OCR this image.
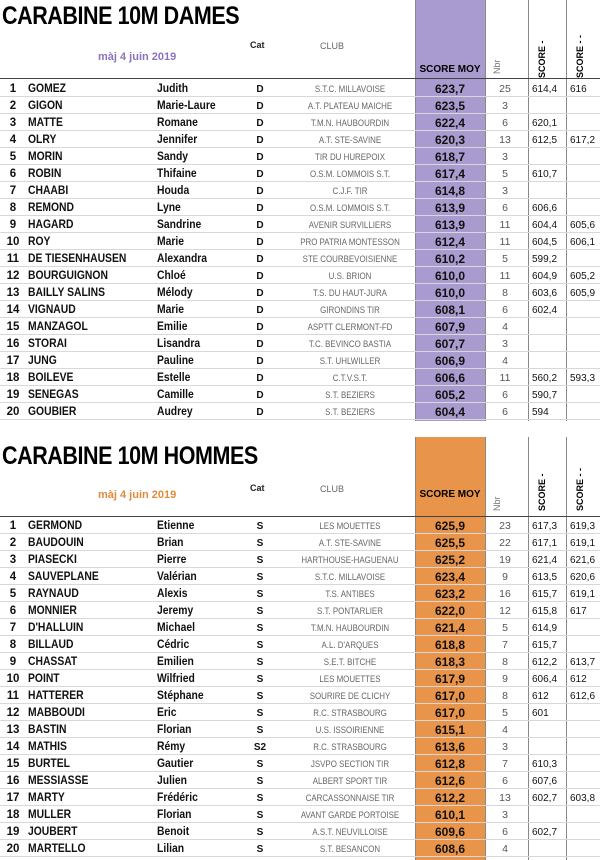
CARABINE 10M DAMES
màj 4 juin 2019
Cat	CLUB
SCORE MOY	Nbr	SCORE -	SCORE - -
1	GOMEZ	Judith	D	S.T.C. MILLAVOISE	623,7	25	614,4 616
2	GIGON	Marie-Laure	D	A.T. PLATEAU MAICHE	623,5	3
3	MATTE	Romane	D	T.M.N. HAUBOURDIN	622,4	6	620,1
4	OLRY	Jennifer	D	A.T. STE-SAVINE	620,3	13	612,5 617,2
5	MORIN	Sandy	D	TIR DU HUREPOIX	618,7	3
6	ROBIN	Thifaine	D	O.S.M. LOMMOIS S.T.	617,4	5	610,7
7	CHAABI	Houda	D	C.J.F. TIR	614,8	3
8	REMOND	Lyne	D	O.S.M. LOMMOIS S.T.	613,9	6	606,6
9	HAGARD	Sandrine	D	AVENIR SURVILLIERS	613,9	11	604,4 605,6
10 ROY	Marie	D	PRO PATRIA MONTESSON	612,4	11	604,5 606,1
11 DE TIESENHAUSEN	Alexandra	D	STE COURBEVOISIENNE	610,2	5	599,2
12 BOURGUIGNON	Chloé	D	U.S. BRION	610,0	11	604,9 605,2
13 BAILLY SALINS	Mélody	D	T.S. DU HAUT-JURA	610,0	8	603,6 605,9
14 VIGNAUD	Marie	D	GIRONDINS TIR	608,1	6	602,4
15 MANZAGOL	Emilie	D	ASPTT CLERMONT-FD	607,9	4
16 STORAI	Lisandra	D	T.C. BEVINCO BASTIA	607,7	3
17 JUNG	Pauline	D	S.T. UHLWILLER	606,9	4
18 BOILEVE	Estelle	D	C.T.V.S.T.	606,6	11	560,2 593,3
19 SENEGAS	Camille	D	S.T. BEZIERS	605,2	6	590,7
20 GOUBIER	Audrey	D	S.T. BEZIERS	604,4	6	594
CARABINE 10M HOMMES
màj 4 juin 2019
Cat	CLUB	SCORE MOY
Nbr	SCORE -	SCORE - -
1	GERMOND	Etienne	S	LES MOUETTES	625,9	23	617,3 619,3
2	BAUDOUIN	Brian	S	A.T. STE-SAVINE	625,5	22	617,1 619,1
3	PIASECKI	Pierre	S	HARTHOUSE-HAGUENAU	625,2	19	621,4 621,6
4	SAUVEPLANE	Valérian	S	S.T.C. MILLAVOISE	623,4	9	613,5 620,6
5	RAYNAUD	Alexis	S	T.S. ANTIBES	623,2	16	615,7 619,1
6	MONNIER	Jeremy	S	S.T. PONTARLIER	622,0	12	615,8 617
7	D'HALLUIN	Michael	S	T.M.N. HAUBOURDIN	621,4	5	614,9
8	BILLAUD	Cédric	S	A.L. D'ARQUES	618,8	7	615,7
9	CHASSAT	Emilien	S	S.E.T. BITCHE	618,3	8	612,2 613,7
10 POINT	Wilfried	S	LES MOUETTES	617,9	9	606,4 612
11 HATTERER	Stéphane	S	SOURIRE DE CLICHY	617,0	8	612 612,6
12 MABBOUDI	Eric	S	R.C. STRASBOURG	617,0	5	601
13 BASTIN	Florian	S	U.S. ISSOIRIENNE	615,1	4
14 MATHIS	Rémy	S2	R.C. STRASBOURG	613,6	3
15 BURTEL	Gautier	S	JSVPO SECTION TIR	612,8	7	610,3
16 MESSIASSE	Julien	S	ALBERT SPORT TIR	612,6	6	607,6
17 MARTY	Frédéric	S	CARCASSONNAISE TIR	612,2	13	602,7 603,8
18 MULLER	Florian	S	AVANT GARDE PORTOISE	610,1	3
19 JOUBERT	Benoit	S	A.S.T. NEUVILLOISE	609,6	6	602,7
20 MARTELLO	Lilian	S	S.T. BESANCON	608,6	4
